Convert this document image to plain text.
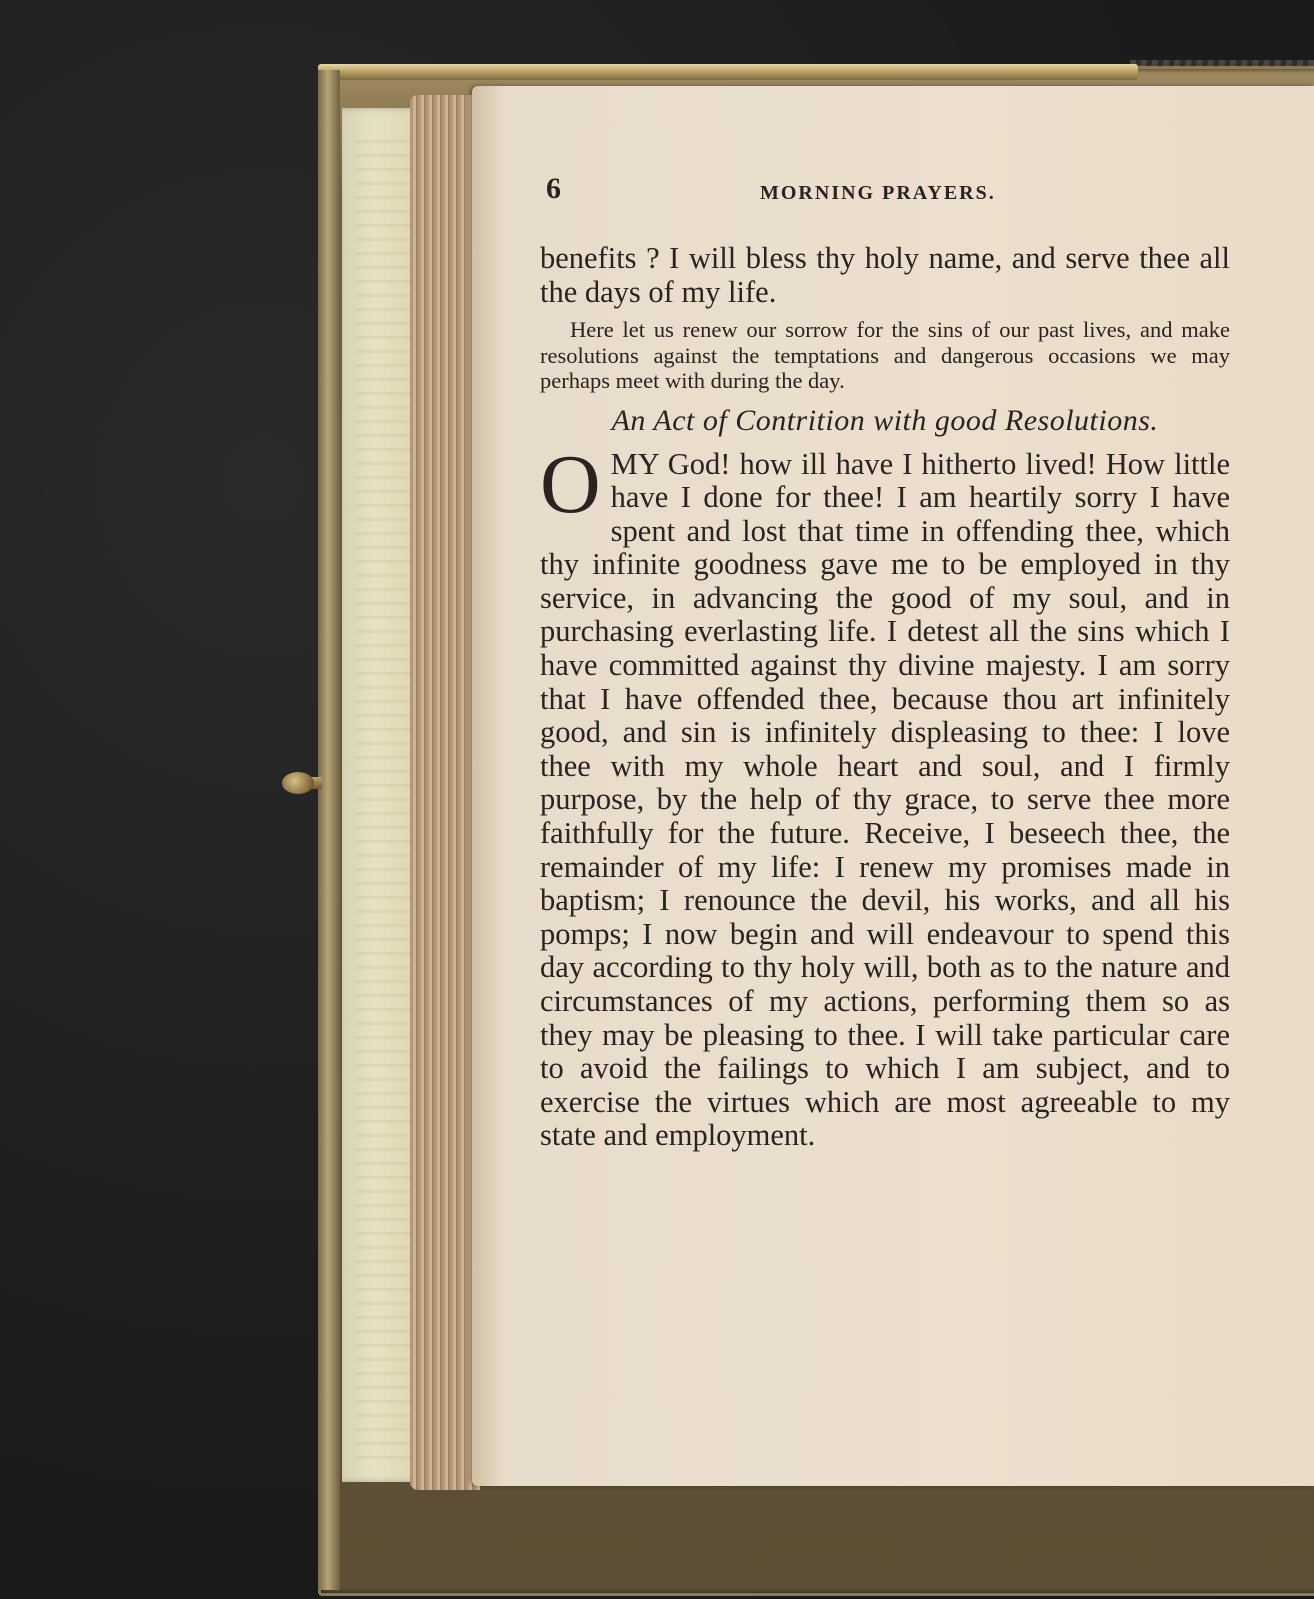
6	MORNING PRAYERS.

benefits ? I will bless thy holy name, and serve thee all the days of my life.

Here let us renew our sorrow for the sins of our past lives, and make resolutions against the temptations and dangerous occasions we may perhaps meet with during the day.

An Act of Contrition with good Resolutions.

O MY God! how ill have I hitherto lived! How little have I done for thee! I am heartily sorry I have spent and lost that time in offending thee, which thy infinite goodness gave me to be employed in thy service, in advancing the good of my soul, and in purchasing everlasting life. I detest all the sins which I have committed against thy divine majesty. I am sorry that I have offended thee, because thou art infinitely good, and sin is infinitely displeasing to thee: I love thee with my whole heart and soul, and I firmly purpose, by the help of thy grace, to serve thee more faithfully for the future. Receive, I beseech thee, the remainder of my life: I renew my promises made in baptism; I renounce the devil, his works, and all his pomps; I now begin and will endeavour to spend this day according to thy holy will, both as to the nature and circumstances of my actions, performing them so as they may be pleasing to thee. I will take particular care to avoid the failings to which I am subject, and to exercise the virtues which are most agreeable to my state and employment.
